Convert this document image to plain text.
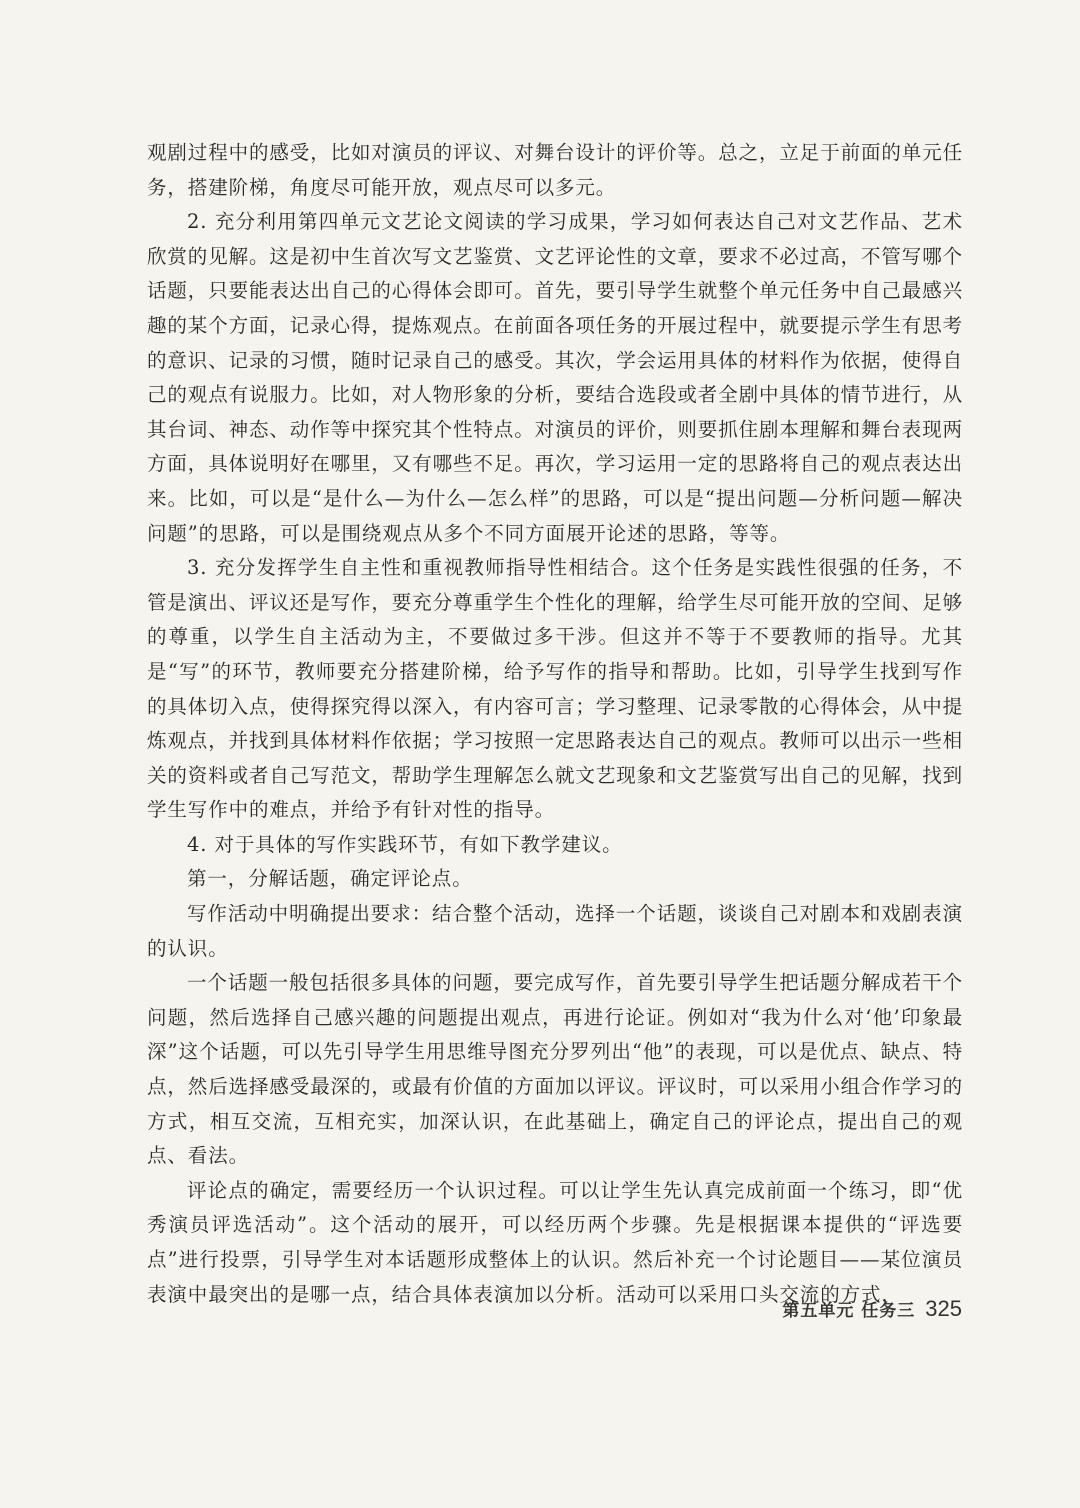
观剧过程中的感受，比如对演员的评议、对舞台设计的评价等。总之，立足于前面的单元任务，搭建阶梯，角度尽可能开放，观点尽可以多元。

2. 充分利用第四单元文艺论文阅读的学习成果，学习如何表达自己对文艺作品、艺术欣赏的见解。这是初中生首次写文艺鉴赏、文艺评论性的文章，要求不必过高，不管写哪个话题，只要能表达出自己的心得体会即可。首先，要引导学生就整个单元任务中自己最感兴趣的某个方面，记录心得，提炼观点。在前面各项任务的开展过程中，就要提示学生有思考的意识、记录的习惯，随时记录自己的感受。其次，学会运用具体的材料作为依据，使得自己的观点有说服力。比如，对人物形象的分析，要结合选段或者全剧中具体的情节进行，从其台词、神态、动作等中探究其个性特点。对演员的评价，则要抓住剧本理解和舞台表现两方面，具体说明好在哪里，又有哪些不足。再次，学习运用一定的思路将自己的观点表达出来。比如，可以是“是什么—为什么—怎么样”的思路，可以是“提出问题—分析问题—解决问题”的思路，可以是围绕观点从多个不同方面展开论述的思路，等等。

3. 充分发挥学生自主性和重视教师指导性相结合。这个任务是实践性很强的任务，不管是演出、评议还是写作，要充分尊重学生个性化的理解，给学生尽可能开放的空间、足够的尊重，以学生自主活动为主，不要做过多干涉。但这并不等于不要教师的指导。尤其是“写”的环节，教师要充分搭建阶梯，给予写作的指导和帮助。比如，引导学生找到写作的具体切入点，使得探究得以深入，有内容可言；学习整理、记录零散的心得体会，从中提炼观点，并找到具体材料作依据；学习按照一定思路表达自己的观点。教师可以出示一些相关的资料或者自己写范文，帮助学生理解怎么就文艺现象和文艺鉴赏写出自己的见解，找到学生写作中的难点，并给予有针对性的指导。

4. 对于具体的写作实践环节，有如下教学建议。

第一，分解话题，确定评论点。

写作活动中明确提出要求：结合整个活动，选择一个话题，谈谈自己对剧本和戏剧表演的认识。

一个话题一般包括很多具体的问题，要完成写作，首先要引导学生把话题分解成若干个问题，然后选择自己感兴趣的问题提出观点，再进行论证。例如对“我为什么对‘他’印象最深”这个话题，可以先引导学生用思维导图充分罗列出“他”的表现，可以是优点、缺点、特点，然后选择感受最深的，或最有价值的方面加以评议。评议时，可以采用小组合作学习的方式，相互交流，互相充实，加深认识，在此基础上，确定自己的评论点，提出自己的观点、看法。

评论点的确定，需要经历一个认识过程。可以让学生先认真完成前面一个练习，即“优秀演员评选活动”。这个活动的展开，可以经历两个步骤。先是根据课本提供的“评选要点”进行投票，引导学生对本话题形成整体上的认识。然后补充一个讨论题目——某位演员表演中最突出的是哪一点，结合具体表演加以分析。活动可以采用口头交流的方式，

第五单元 任务三 325
